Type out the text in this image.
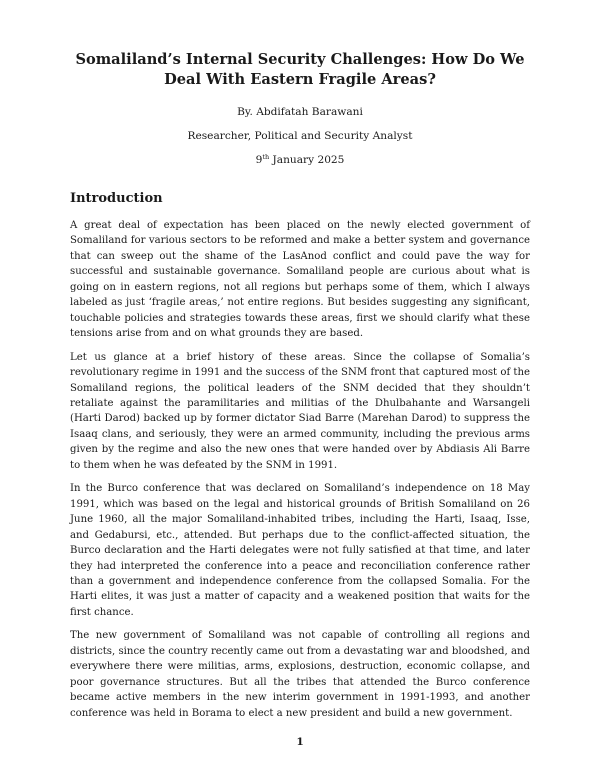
Somaliland’s Internal Security Challenges: How Do We Deal With Eastern Fragile Areas?
By. Abdifatah Barawani
Researcher, Political and Security Analyst
9th January 2025
Introduction

A great deal of expectation has been placed on the newly elected government of Somaliland for various sectors to be reformed and make a better system and governance that can sweep out the shame of the LasAnod conflict and could pave the way for successful and sustainable governance. Somaliland people are curious about what is going on in eastern regions, not all regions but perhaps some of them, which I always labeled as just ‘fragile areas,’ not entire regions. But besides suggesting any significant, touchable policies and strategies towards these areas, first we should clarify what these tensions arise from and on what grounds they are based.

Let us glance at a brief history of these areas. Since the collapse of Somalia’s revolutionary regime in 1991 and the success of the SNM front that captured most of the Somaliland regions, the political leaders of the SNM decided that they shouldn’t retaliate against the paramilitaries and militias of the Dhulbahante and Warsangeli (Harti Darod) backed up by former dictator Siad Barre (Marehan Darod) to suppress the Isaaq clans, and seriously, they were an armed community, including the previous arms given by the regime and also the new ones that were handed over by Abdiasis Ali Barre to them when he was defeated by the SNM in 1991.

In the Burco conference that was declared on Somaliland’s independence on 18 May 1991, which was based on the legal and historical grounds of British Somaliland on 26 June 1960, all the major Somaliland-inhabited tribes, including the Harti, Isaaq, Isse, and Gedabursi, etc., attended. But perhaps due to the conflict-affected situation, the Burco declaration and the Harti delegates were not fully satisfied at that time, and later they had interpreted the conference into a peace and reconciliation conference rather than a government and independence conference from the collapsed Somalia. For the Harti elites, it was just a matter of capacity and a weakened position that waits for the first chance.

The new government of Somaliland was not capable of controlling all regions and districts, since the country recently came out from a devastating war and bloodshed, and everywhere there were militias, arms, explosions, destruction, economic collapse, and poor governance structures. But all the tribes that attended the Burco conference became active members in the new interim government in 1991-1993, and another conference was held in Borama to elect a new president and build a new government.

1
